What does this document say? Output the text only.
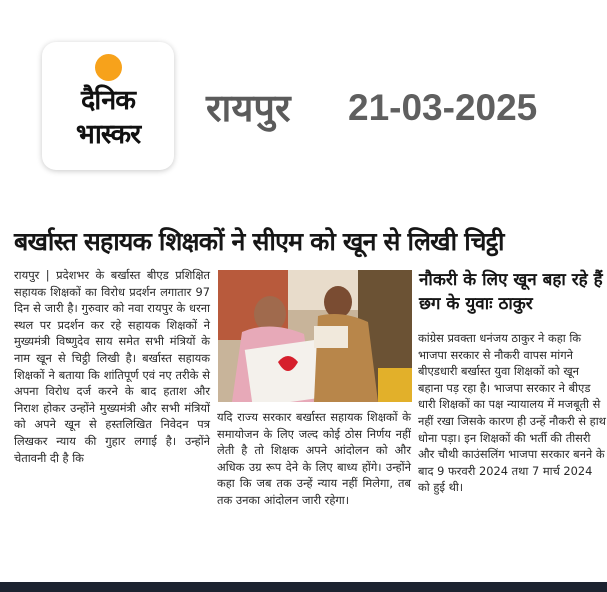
दैनिक
भास्कर
रायपुर 21-03-2025
बर्खास्त सहायक शिक्षकों ने सीएम को खून से लिखी चिट्ठी

रायपुर | प्रदेशभर के बर्खास्त बीएड प्रशिक्षित सहायक शिक्षकों का विरोध प्रदर्शन लगातार 97 दिन से जारी है। गुरुवार को नवा रायपुर के धरना स्थल पर प्रदर्शन कर रहे सहायक शिक्षकों ने मुख्यमंत्री विष्णुदेव साय समेत सभी मंत्रियों के नाम खून से चिट्ठी लिखी है। बर्खास्त सहायक शिक्षकों ने बताया कि शांतिपूर्ण एवं नए तरीके से अपना विरोध दर्ज करने के बाद हताश और निराश होकर उन्होंने मुख्यमंत्री और सभी मंत्रियों को अपने खून से हस्तलिखित निवेदन पत्र लिखकर न्याय की गुहार लगाई है। उन्होंने चेतावनी दी है कि

यदि राज्य सरकार बर्खास्त सहायक शिक्षकों के समायोजन के लिए जल्द कोई ठोस निर्णय नहीं लेती है तो शिक्षक अपने आंदोलन को और अधिक उग्र रूप देने के लिए बाध्य होंगे। उन्होंने कहा कि जब तक उन्हें न्याय नहीं मिलेगा, तब तक उनका आंदोलन जारी रहेगा।

नौकरी के लिए खून बहा रहे हैं छग के युवाः ठाकुर

कांग्रेस प्रवक्ता धनंजय ठाकुर ने कहा कि भाजपा सरकार से नौकरी वापस मांगने बीएडधारी बर्खास्त युवा शिक्षकों को खून बहाना पड़ रहा है। भाजपा सरकार ने बीएड धारी शिक्षकों का पक्ष न्यायालय में मजबूती से नहीं रखा जिसके कारण ही उन्हें नौकरी से हाथ धोना पड़ा। इन शिक्षकों की भर्ती की तीसरी और चौथी काउंसलिंग भाजपा सरकार बनने के बाद 9 फरवरी 2024 तथा 7 मार्च 2024 को हुई थी।
